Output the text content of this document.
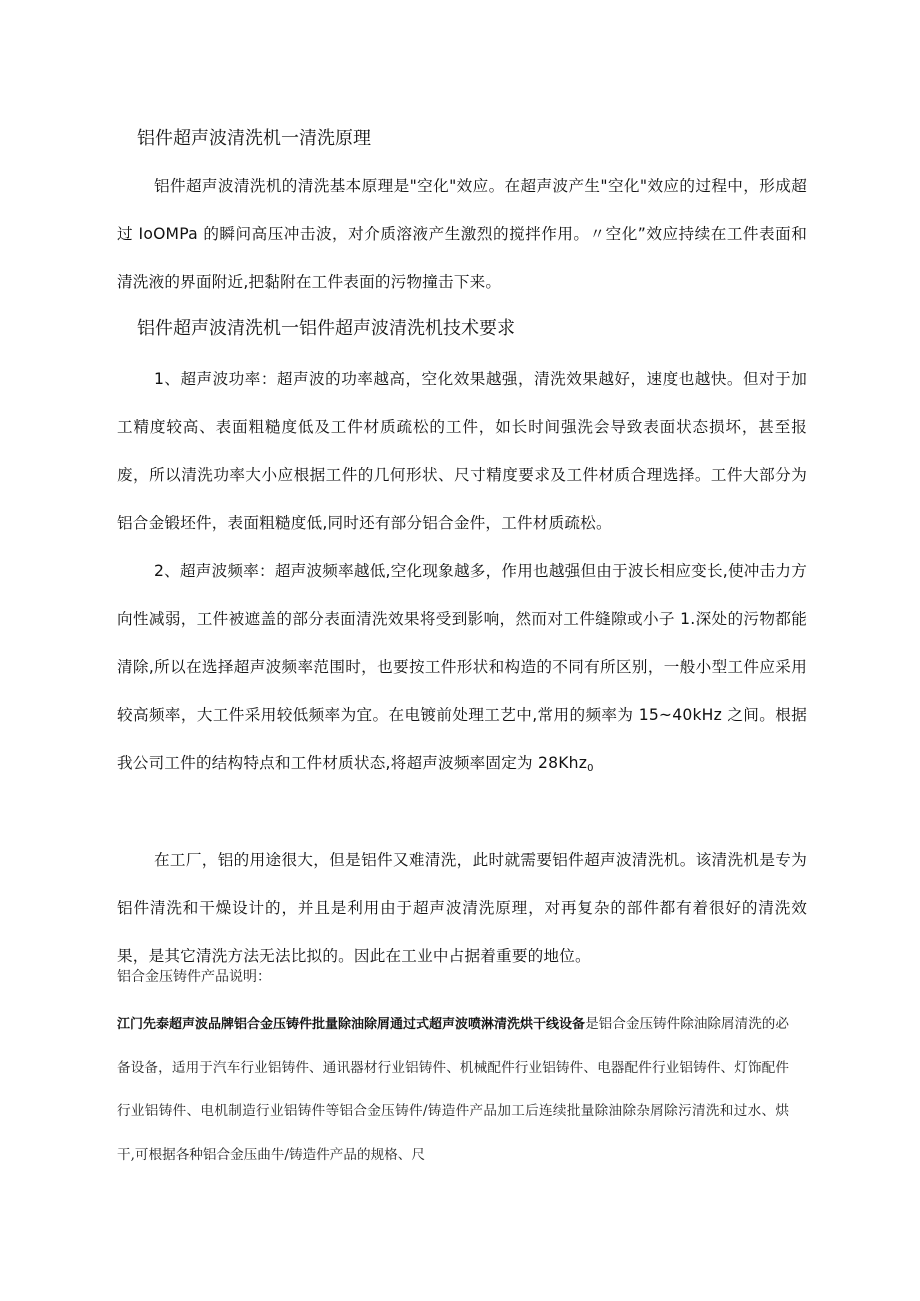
铝件超声波清洗机一清洗原理

铝件超声波清洗机的清洗基本原理是"空化"效应。在超声波产生"空化"效应的过程中，形成超过 IoOMPa 的瞬问高压冲击波，对介质溶液产生激烈的搅拌作用。〃空化”效应持续在工件表面和清洗液的界面附近,把黏附在工件表面的污物撞击下来。

铝件超声波清洗机一铝件超声波清洗机技术要求

1、超声波功率：超声波的功率越高，空化效果越强，清洗效果越好，速度也越快。但对于加工精度较高、表面粗糙度低及工件材质疏松的工件，如长时间强洗会导致表面状态损坏，甚至报废，所以清洗功率大小应根据工件的几何形状、尺寸精度要求及工件材质合理选择。工件大部分为铝合金锻坯件，表面粗糙度低,同时还有部分铝合金件，工件材质疏松。

2、超声波频率：超声波频率越低,空化现象越多，作用也越强但由于波长相应变长,使冲击力方向性减弱，工件被遮盖的部分表面清洗效果将受到影响，然而对工件缝隙或小子 1.深处的污物都能清除,所以在选择超声波频率范围时，也要按工件形状和构造的不同有所区别，一般小型工件应采用较高频率，大工件采用较低频率为宜。在电镀前处理工艺中,常用的频率为 15~40kHz 之间。根据我公司工件的结构特点和工件材质状态,将超声波频率固定为 28Khz$_0$

在工厂，铝的用途很大，但是铝件又难清洗，此时就需要铝件超声波清洗机。该清洗机是专为铝件清洗和干燥设计的，并且是利用由于超声波清洗原理，对再复杂的部件都有着很好的清洗效果，是其它清洗方法无法比拟的。因此在工业中占据着重要的地位。

铝合金压铸件产品说明：

江门先泰超声波品牌铝合金压铸件批量除油除屑通过式超声波喷淋清洗烘干线设备是铝合金压铸件除油除屑清洗的必备设备，适用于汽车行业铝铸件、通讯器材行业铝铸件、机械配件行业铝铸件、电器配件行业铝铸件、灯饰配件行业铝铸件、电机制造行业铝铸件等铝合金压铸件/铸造件产品加工后连续批量除油除杂屑除污清洗和过水、烘干,可根据各种铝合金压曲牛/铸造件产品的规格、尺
